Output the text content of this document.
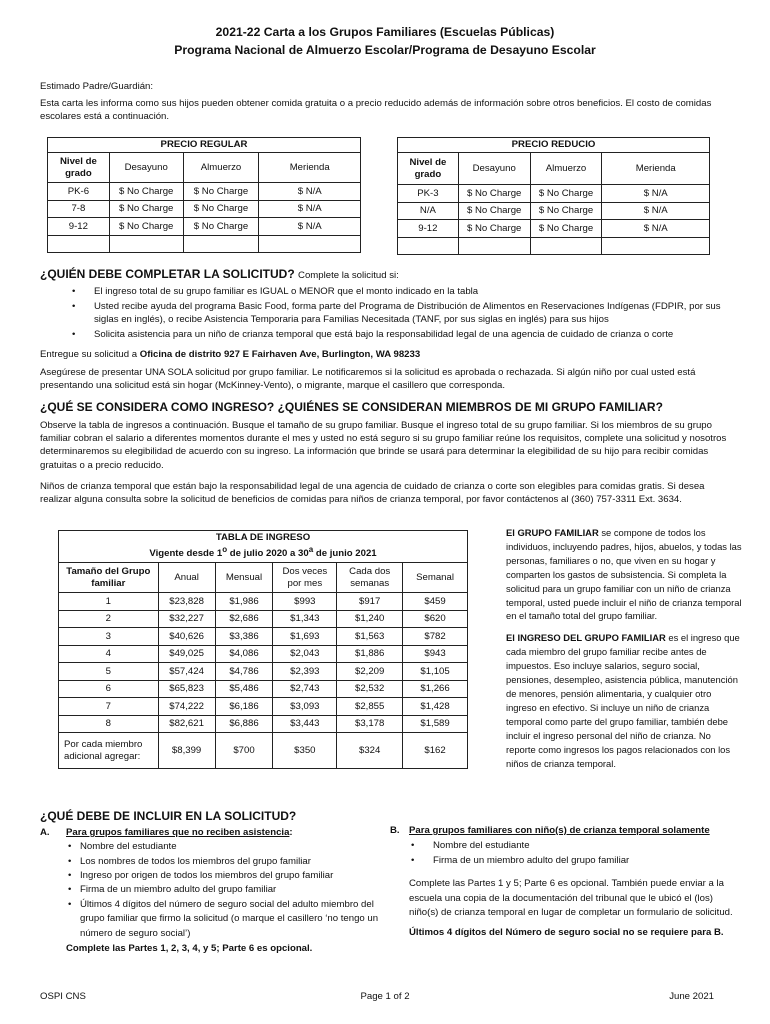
2021-22 Carta a los Grupos Familiares (Escuelas Públicas)
Programa Nacional de Almuerzo Escolar/Programa de Desayuno Escolar
Estimado Padre/Guardián:
Esta carta les informa como sus hijos pueden obtener comida gratuita o a precio reducido además de información sobre otros beneficios. El costo de comidas escolares está a continuación.
PRECIO REGULAR			
Nivel de grado	Desayuno	Almuerzo	Merienda
PK-6	$ No Charge	$ No Charge	$ N/A
7-8	$ No Charge	$ No Charge	$ N/A
9-12	$ No Charge	$ No Charge	$ N/A

PRECIO REDUCIO			
Nivel de grado	Desayuno	Almuerzo	Merienda
PK-3	$ No Charge	$ No Charge	$ N/A
N/A	$ No Charge	$ No Charge	$ N/A
9-12	$ No Charge	$ No Charge	$ N/A

¿QUIÉN DEBE COMPLETAR LA SOLICITUD? Complete la solicitud si:
• El ingreso total de su grupo familiar es IGUAL o MENOR que el monto indicado en la tabla
• Usted recibe ayuda del programa Basic Food, forma parte del Programa de Distribución de Alimentos en Reservaciones Indígenas (FDPIR, por sus siglas en inglés), o recibe Asistencia Temporaria para Familias Necesitada (TANF, por sus siglas en inglés) para sus hijos
• Solicita asistencia para un niño de crianza temporal que está bajo la responsabilidad legal de una agencia de cuidado de crianza o corte
Entregue su solicitud a Oficina de distrito 927 E Fairhaven Ave, Burlington, WA 98233
Asegúrese de presentar UNA SOLA solicitud por grupo familiar. Le notificaremos si la solicitud es aprobada o rechazada. Si algún niño por cual usted está presentando una solicitud está sin hogar (McKinney-Vento), o migrante, marque el casillero que corresponda.
¿QUÉ SE CONSIDERA COMO INGRESO? ¿QUIÉNES SE CONSIDERAN MIEMBROS DE MI GRUPO FAMILIAR?
Observe la tabla de ingresos a continuación. Busque el tamaño de su grupo familiar. Busque el ingreso total de su grupo familiar. Si los miembros de su grupo familiar cobran el salario a diferentes momentos durante el mes y usted no está seguro si su grupo familiar reúne los requisitos, complete una solicitud y nosotros determinaremos su elegibilidad de acuerdo con su ingreso. La información que brinde se usará para determinar la elegibilidad de su hijo para recibir comidas gratuitas o a precio reducido.
Niños de crianza temporal que están bajo la responsabilidad legal de una agencia de cuidado de crianza o corte son elegibles para comidas gratis. Si desea realizar alguna consulta sobre la solicitud de beneficios de comidas para niños de crianza temporal, por favor contáctenos al (360) 757-3311 Ext. 3634.
TABLA DE INGRESO
Vigente desde 1$^o$ de julio 2020 a 30$^a$ de junio 2021					

Tamaño del Grupo familiar	Anual	Mensual	Dos veces por mes	Cada dos semanas	Semanal
1	$23,828	$1,986	$993	$917	$459
2	$32,227	$2,686	$1,343	$1,240	$620
3	$40,626	$3,386	$1,693	$1,563	$782
4	$49,025	$4,086	$2,043	$1,886	$943
5	$57,424	$4,786	$2,393	$2,209	$1,105
6	$65,823	$5,486	$2,743	$2,532	$1,266
7	$74,222	$6,186	$3,093	$2,855	$1,428
8	$82,621	$6,886	$3,443	$3,178	$1,589
Por cada miembro adicional agregar:	$8,399	$700	$350	$324	$162

El GRUPO FAMILIAR se compone de todos los individuos, incluyendo padres, hijos, abuelos, y todas las personas, familiares o no, que viven en su hogar y comparten los gastos de subsistencia. Si completa la solicitud para un grupo familiar con un niño de crianza temporal, usted puede incluir el niño de crianza temporal en el tamaño total del grupo familiar.

El INGRESO DEL GRUPO FAMILIAR es el ingreso que cada miembro del grupo familiar recibe antes de impuestos. Eso incluye salarios, seguro social, pensiones, desempleo, asistencia pública, manutención de menores, pensión alimentaria, y cualquier otro ingreso en efectivo. Si incluye un niño de crianza temporal como parte del grupo familiar, también debe incluir el ingreso personal del niño de crianza. No reporte como ingresos los pagos relacionados con los niños de crianza temporal.

¿QUÉ DEBE DE INCLUIR EN LA SOLICITUD?
A. Para grupos familiares que no reciben asistencia:
• Nombre del estudiante
• Los nombres de todos los miembros del grupo familiar
• Ingreso por origen de todos los miembros del grupo familiar
• Firma de un miembro adulto del grupo familiar
• Últimos 4 dígitos del número de seguro social del adulto miembro del grupo familiar que firmo la solicitud (o marque el casillero ‘no tengo un número de seguro social’)
Complete las Partes 1, 2, 3, 4, y 5; Parte 6 es opcional.
B. Para grupos familiares con niño(s) de crianza temporal solamente
• Nombre del estudiante
• Firma de un miembro adulto del grupo familiar
Complete las Partes 1 y 5; Parte 6 es opcional. También puede enviar a la escuela una copia de la documentación del tribunal que le ubicó el (los) niño(s) de crianza temporal en lugar de completar un formulario de solicitud.
Últimos 4 dígitos del Número de seguro social no se requiere para B.
OSPI CNS	Page 1 of 2	June 2021
